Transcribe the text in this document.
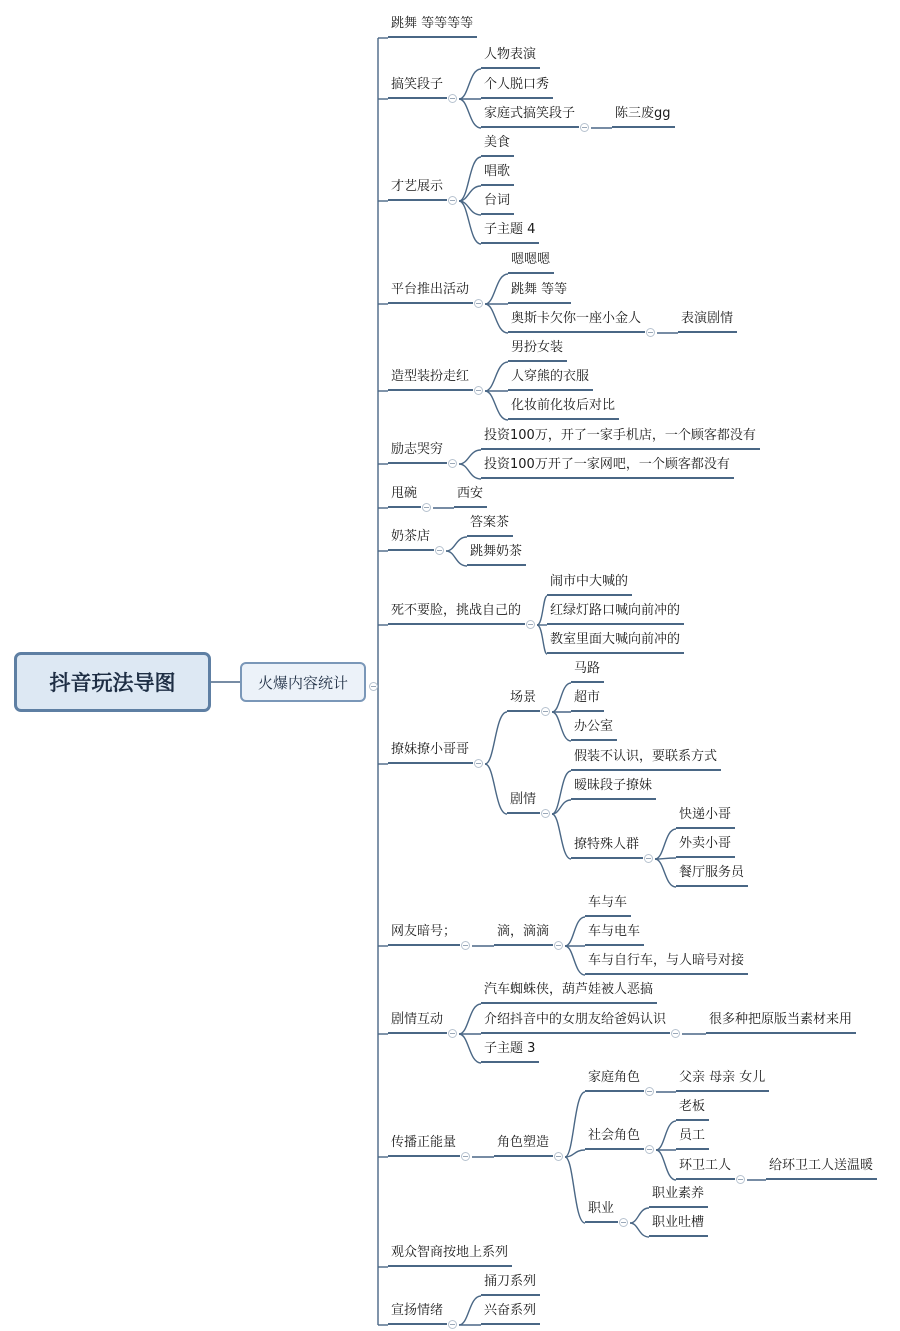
抖音玩法导图	火爆内容统计
跳舞 等等等等
搞笑段子
人物表演
个人脱口秀
家庭式搞笑段子	陈三废gg
才艺展示
美食
唱歌
台词
子主题 4
平台推出活动
嗯嗯嗯
跳舞 等等
奥斯卡欠你一座小金人	表演剧情
造型装扮走红
男扮女装
人穿熊的衣服
化妆前化妆后对比
励志哭穷
投资100万，开了一家手机店，一个顾客都没有
投资100万开了一家网吧，一个顾客都没有
甩碗	西安
奶茶店
答案茶
跳舞奶茶
死不要脸，挑战自己的
闹市中大喊的
红绿灯路口喊向前冲的
教室里面大喊向前冲的
撩妹撩小哥哥
场景
马路
超市
办公室
剧情
假装不认识，要联系方式
暧昧段子撩妹
撩特殊人群
快递小哥
外卖小哥
餐厅服务员
网友暗号；	滴，滴滴
车与车
车与电车
车与自行车，与人暗号对接
剧情互动
汽车蜘蛛侠，葫芦娃被人恶搞
介绍抖音中的女朋友给爸妈认识	很多种把原版当素材来用
子主题 3
传播正能量	角色塑造
家庭角色	父亲 母亲 女儿
社会角色
老板
员工
环卫工人	给环卫工人送温暖
职业
职业素养
职业吐槽
观众智商按地上系列
宣扬情绪
捅刀系列
兴奋系列
